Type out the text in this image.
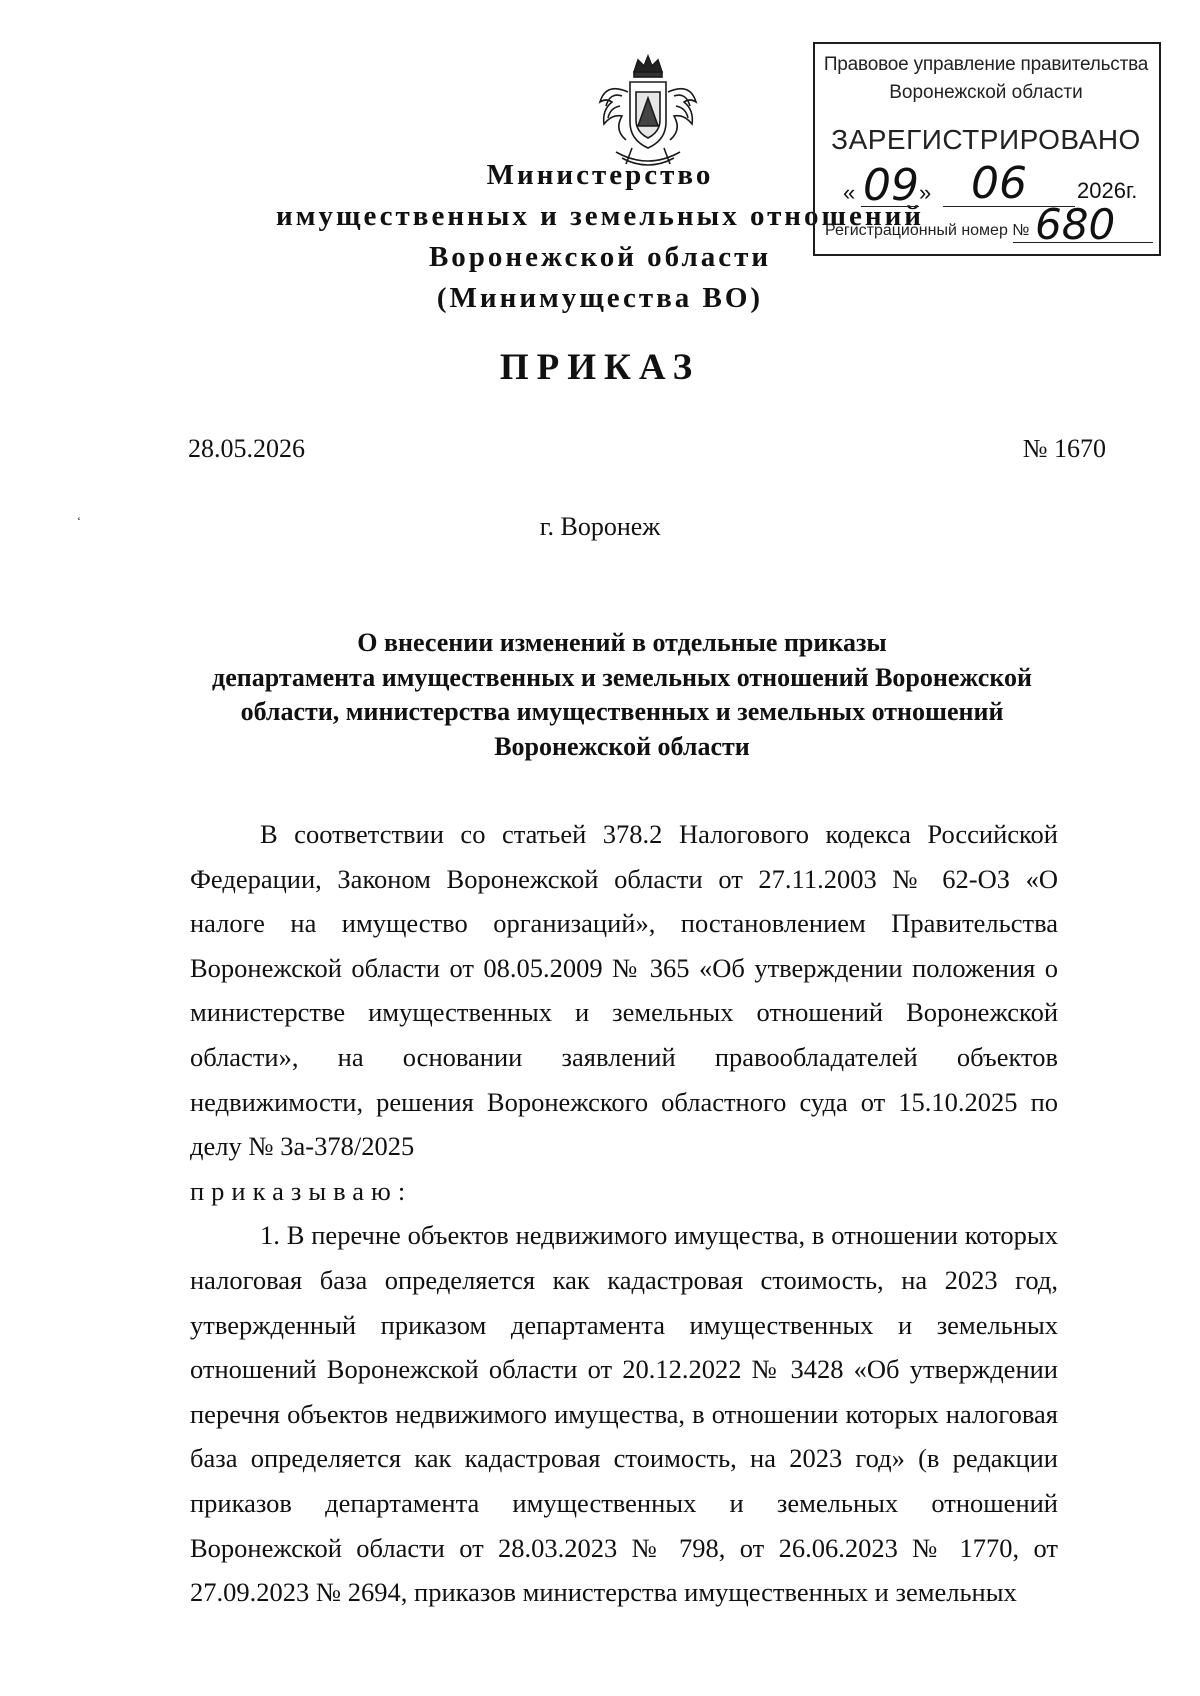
Министерство
имущественных и земельных отношений
Воронежской области
(Минимущества ВО)
Правовое управление правительства
Воронежской области
ЗАРЕГИСТРИРОВАНО
« 09 » 06 2026г.
Регистрационный номер № 680
ПРИКАЗ
28.05.2026	№ 1670
ʻ	г. Воронеж
О внесении изменений в отдельные приказы
департамента имущественных и земельных отношений Воронежской
области, министерства имущественных и земельных отношений
Воронежской области

В соответствии со статьей 378.2 Налогового кодекса Российской Федерации, Законом Воронежской области от 27.11.2003 № 62-ОЗ «О налоге на имущество организаций», постановлением Правительства Воронежской области от 08.05.2009 № 365 «Об утверждении положения о министерстве имущественных и земельных отношений Воронежской области», на основании заявлений правообладателей объектов недвижимости, решения Воронежского областного суда от 15.10.2025 по делу № 3а-378/2025

приказываю:

1. В перечне объектов недвижимого имущества, в отношении которых налоговая база определяется как кадастровая стоимость, на 2023 год, утвержденный приказом департамента имущественных и земельных отношений Воронежской области от 20.12.2022 № 3428 «Об утверждении перечня объектов недвижимого имущества, в отношении которых налоговая база определяется как кадастровая стоимость, на 2023 год» (в редакции приказов департамента имущественных и земельных отношений Воронежской области от 28.03.2023 № 798, от 26.06.2023 № 1770, от 27.09.2023 № 2694, приказов министерства имущественных и земельных
